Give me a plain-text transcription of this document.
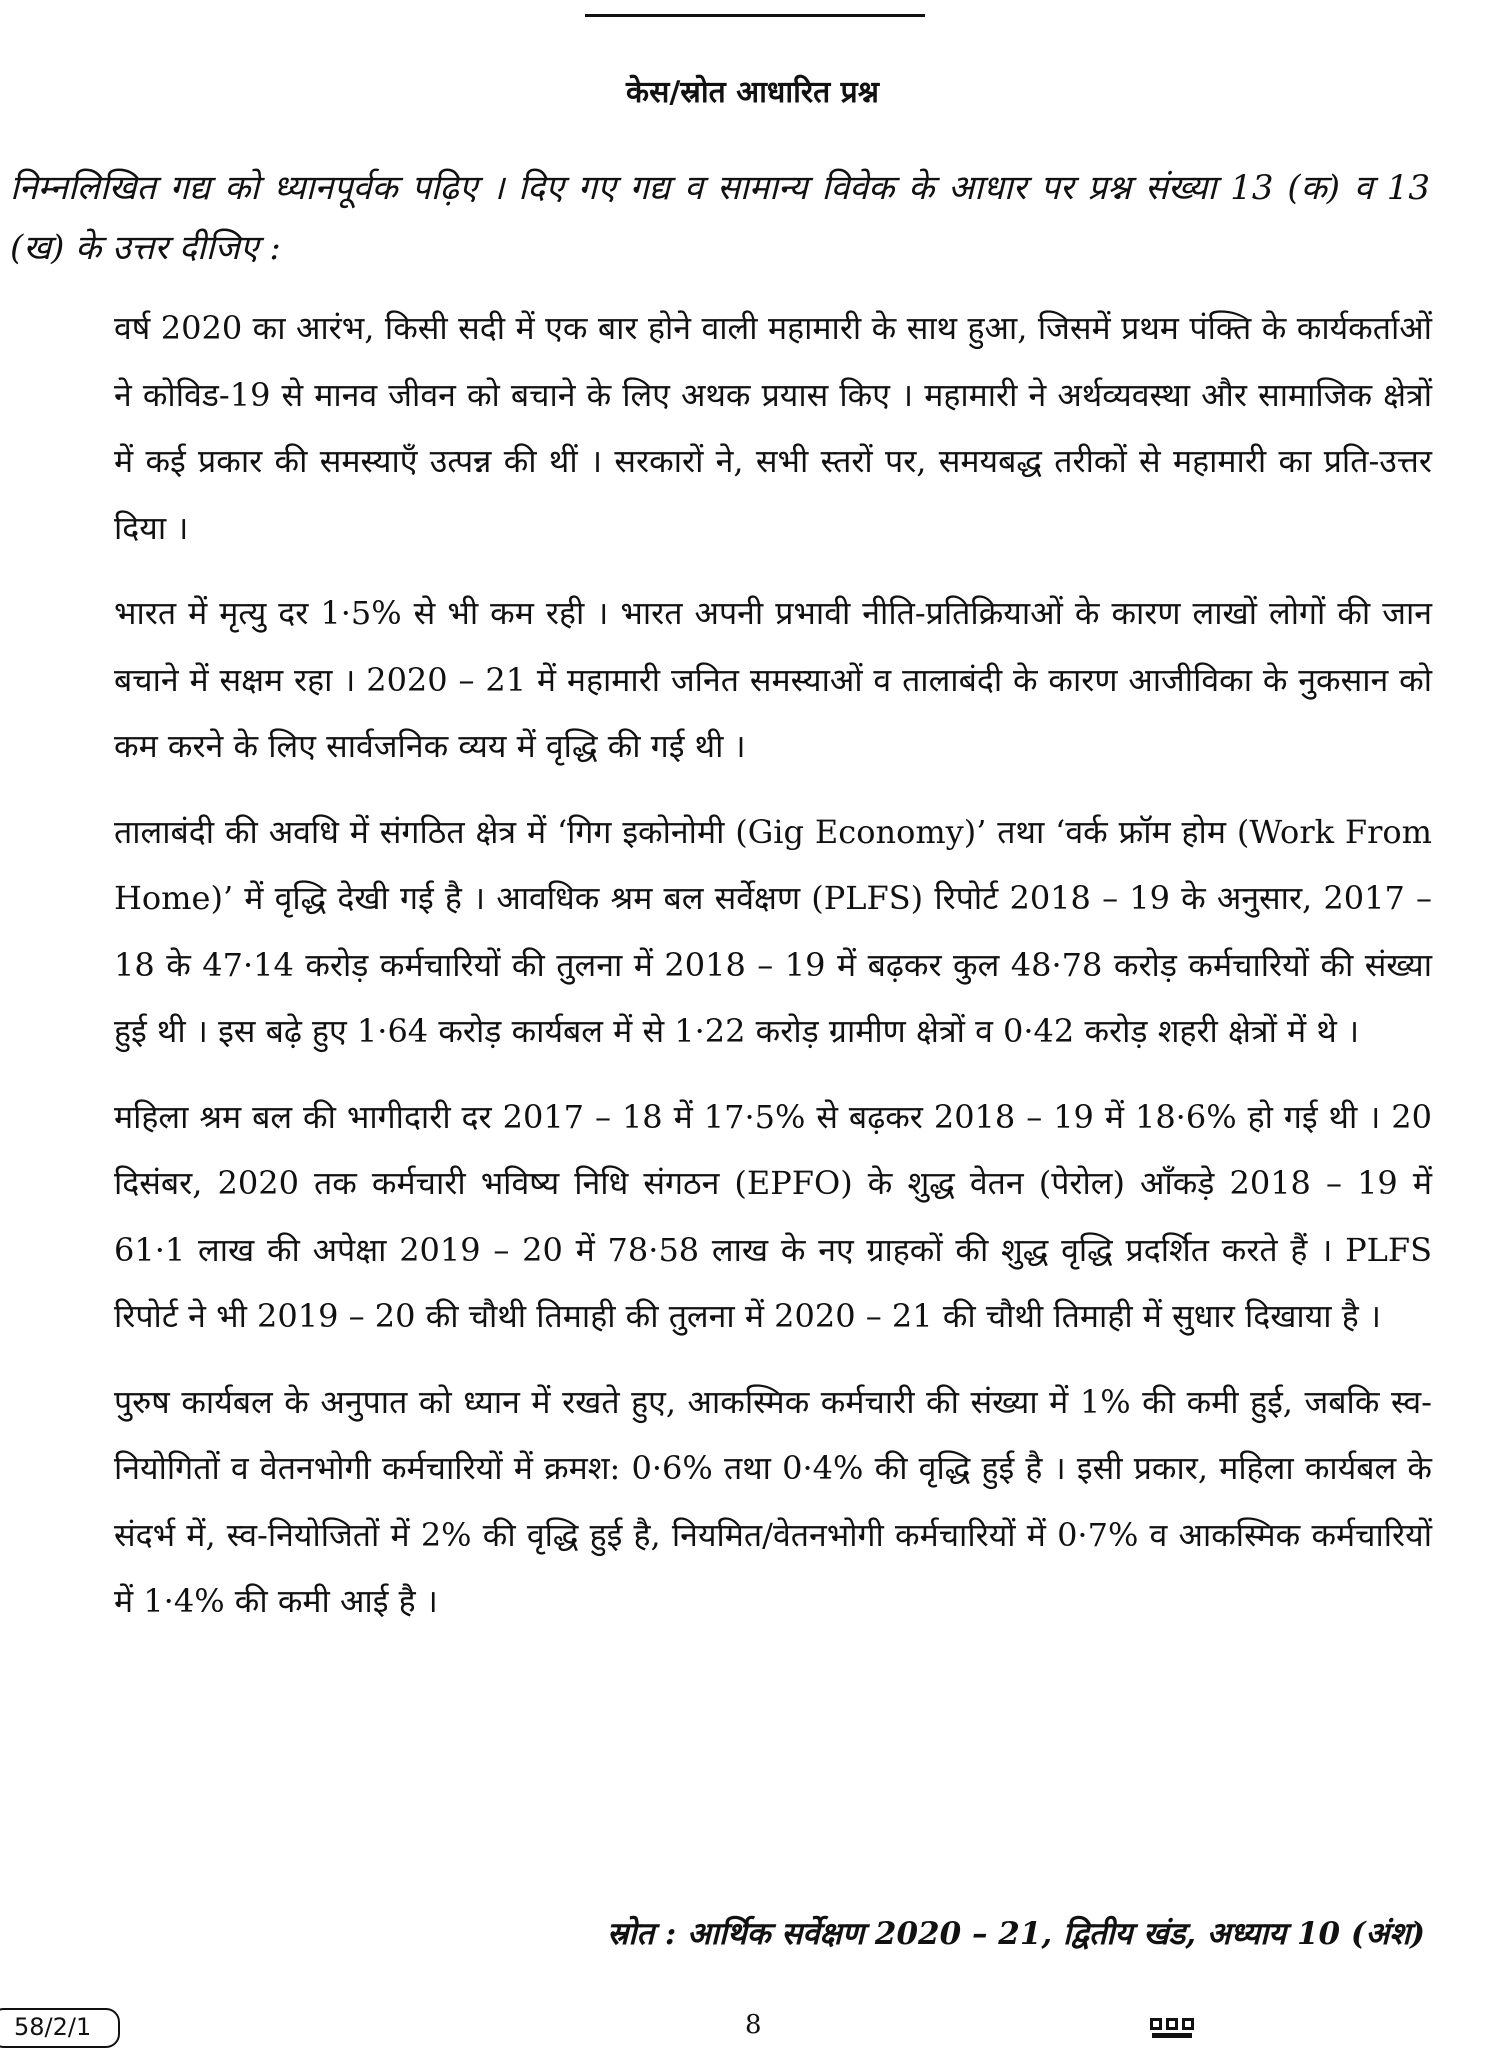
केस/स्रोत आधारित प्रश्न

निम्नलिखित गद्य को ध्यानपूर्वक पढ़िए । दिए गए गद्य व सामान्य विवेक के आधार पर प्रश्न संख्या 13 (क) व 13 (ख) के उत्तर दीजिए :

वर्ष 2020 का आरंभ, किसी सदी में एक बार होने वाली महामारी के साथ हुआ, जिसमें प्रथम पंक्ति के कार्यकर्ताओं ने कोविड-19 से मानव जीवन को बचाने के लिए अथक प्रयास किए । महामारी ने अर्थव्यवस्था और सामाजिक क्षेत्रों में कई प्रकार की समस्याएँ उत्पन्न की थीं । सरकारों ने, सभी स्तरों पर, समयबद्ध तरीकों से महामारी का प्रति-उत्तर दिया ।

भारत में मृत्यु दर 1·5% से भी कम रही । भारत अपनी प्रभावी नीति-प्रतिक्रियाओं के कारण लाखों लोगों की जान बचाने में सक्षम रहा । 2020 – 21 में महामारी जनित समस्याओं व तालाबंदी के कारण आजीविका के नुकसान को कम करने के लिए सार्वजनिक व्यय में वृद्धि की गई थी ।

तालाबंदी की अवधि में संगठित क्षेत्र में ‘गिग इकोनोमी (Gig Economy)’ तथा ‘वर्क फ्रॉम होम (Work From Home)’ में वृद्धि देखी गई है । आवधिक श्रम बल सर्वेक्षण (PLFS) रिपोर्ट 2018 – 19 के अनुसार, 2017 – 18 के 47·14 करोड़ कर्मचारियों की तुलना में 2018 – 19 में बढ़कर कुल 48·78 करोड़ कर्मचारियों की संख्या हुई थी । इस बढ़े हुए 1·64 करोड़ कार्यबल में से 1·22 करोड़ ग्रामीण क्षेत्रों व 0·42 करोड़ शहरी क्षेत्रों में थे ।

महिला श्रम बल की भागीदारी दर 2017 – 18 में 17·5% से बढ़कर 2018 – 19 में 18·6% हो गई थी । 20 दिसंबर, 2020 तक कर्मचारी भविष्य निधि संगठन (EPFO) के शुद्ध वेतन (पेरोल) आँकड़े 2018 – 19 में 61·1 लाख की अपेक्षा 2019 – 20 में 78·58 लाख के नए ग्राहकों की शुद्ध वृद्धि प्रदर्शित करते हैं । PLFS रिपोर्ट ने भी 2019 – 20 की चौथी तिमाही की तुलना में 2020 – 21 की चौथी तिमाही में सुधार दिखाया है ।

पुरुष कार्यबल के अनुपात को ध्यान में रखते हुए, आकस्मिक कर्मचारी की संख्या में 1% की कमी हुई, जबकि स्व-नियोगितों व वेतनभोगी कर्मचारियों में क्रमश: 0·6% तथा 0·4% की वृद्धि हुई है । इसी प्रकार, महिला कार्यबल के संदर्भ में, स्व-नियोजितों में 2% की वृद्धि हुई है, नियमित/वेतनभोगी कर्मचारियों में 0·7% व आकस्मिक कर्मचारियों में 1·4% की कमी आई है ।

स्रोत : आर्थिक सर्वेक्षण 2020 – 21, द्वितीय खंड, अध्याय 10 (अंश)

58/2/1	8
